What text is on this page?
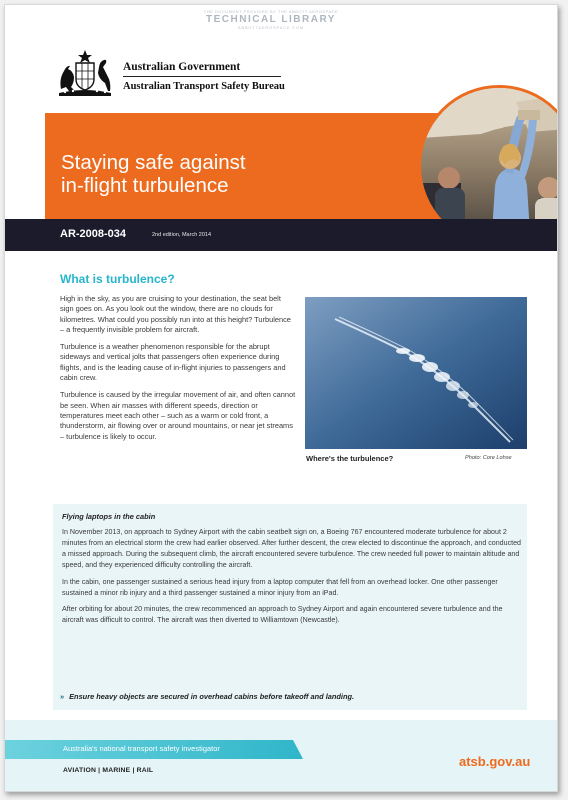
THE DOCUMENT PROVIDED BY THE ABBOTT AEROSPACE
TECHNICAL LIBRARY
ABBOTTAEROSPACE.COM
Australian Government
Australian Transport Safety Bureau
Staying safe against
in-flight turbulence
AR-2008-034	2nd edition, March 2014
What is turbulence?

High in the sky, as you are cruising to your destination, the seat belt sign goes on. As you look out the window, there are no clouds for kilometres. What could you possibly run into at this height? Turbulence – a frequently invisible problem for aircraft.

Turbulence is a weather phenomenon responsible for the abrupt sideways and vertical jolts that passengers often experience during flights, and is the leading cause of in-flight injuries to passengers and cabin crew.

Turbulence is caused by the irregular movement of air, and often cannot be seen. When air masses with different speeds, direction or temperatures meet each other – such as a warm or cold front, a thunderstorm, air flowing over or around mountains, or near jet streams – turbulence is likely to occur.

Where's the turbulence?	Photo: Core Lohse
Flying laptops in the cabin

In November 2013, on approach to Sydney Airport with the cabin seatbelt sign on, a Boeing 767 encountered moderate turbulence for about 2 minutes from an electrical storm the crew had earlier observed. After further descent, the crew elected to discontinue the approach, and conducted a missed approach. During the subsequent climb, the aircraft encountered severe turbulence. The crew needed full power to maintain altitude and speed, and they experienced difficulty controlling the aircraft.

In the cabin, one passenger sustained a serious head injury from a laptop computer that fell from an overhead locker. One other passenger sustained a minor rib injury and a third passenger sustained a minor injury from an iPad.

After orbiting for about 20 minutes, the crew recommenced an approach to Sydney Airport and again encountered severe turbulence and the aircraft was difficult to control. The aircraft was then diverted to Williamtown (Newcastle).

» Ensure heavy objects are secured in overhead cabins before takeoff and landing.
Australia's national transport safety investigator
AVIATION | MARINE | RAIL
atsb.gov.au
